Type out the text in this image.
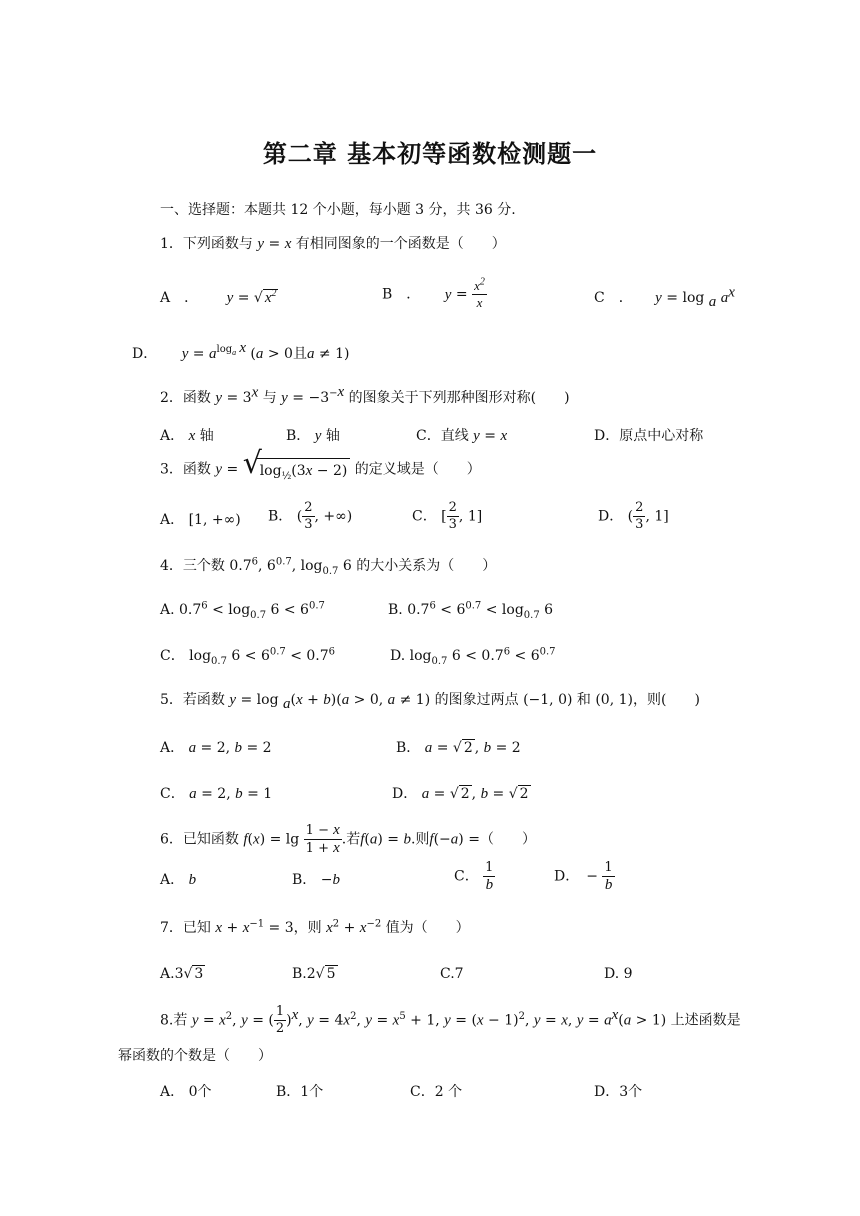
第二章 基本初等函数检测题一
一、选择题：本题共 12 个小题，每小题 3 分，共 36 分.
1．下列函数与 y = x 有相同图象的一个函数是（　　）
A　． y = √ $x^2$	B　． $y = \frac{x^2}{x}$	C　． y = log $_a$ $a^x$
D． $y = a^{log_a x}$ (a > 0且a ≠ 1)
2．函数 $y = 3^x$ 与 $y = -3^{-x}$ 的图象关于下列那种图形对称(　　)
A． x 轴	B． y 轴	C．直线 y = x	D．原点中心对称
3．函数 y = √
$\log_{\frac{1}{2}}(3x - 2)$ 的定义域是（　　）
A． [1, +∞) B． ( $\frac{2}{3}$ , +∞)	C． [ $\frac{2}{3}$ , 1]	D． ( $\frac{2}{3}$ , 1]
4．三个数 $0.7^6$, $6^{0.7}$, $\log_{0.7} 6$ 的大小关系为（　　）
A. $0.7^6 < \log_{0.7} 6 < 6^{0.7}$	B. $0.7^6 < 6^{0.7} < \log_{0.7} 6$
C． $\log_{0.7} 6 < 6^{0.7} < 0.7^6$	D. $\log_{0.7} 6 < 0.7^6 < 6^{0.7}$
5．若函数 y = log $_a$(x + b)(a > 0, a ≠ 1) 的图象过两点 (−1, 0) 和 (0, 1)，则(　　)
A． a = 2, b = 2	B． a = √ 2 , b = 2
C． a = 2, b = 1	D． a = √ 2 , b = √ 2
6．已知函数 $f(x) = \lg \frac{1 - x}{1 + x}$ .若f(a) = b.则f(−a) =（　　）
A． b	B． −b	C． $\frac{1}{b}$	D．　− $\frac{1}{b}$
7．已知 $x + x^{-1} = 3$，则 $x^2 + x^{-2}$ 值为（　　）
A.3√ 3	B.2√ 5	C.7	D. 9
8.若 $y = x^2$, y = ( $\frac{1}{2} )^x$, $y = 4x^2$, $y = x^5 + 1$, $y = (x - 1)^2$, y = x, $y = a^x(a > 1)$ 上述函数是
幂函数的个数是（　　）
A． 0个	B．1个	C．2 个	D．3个
